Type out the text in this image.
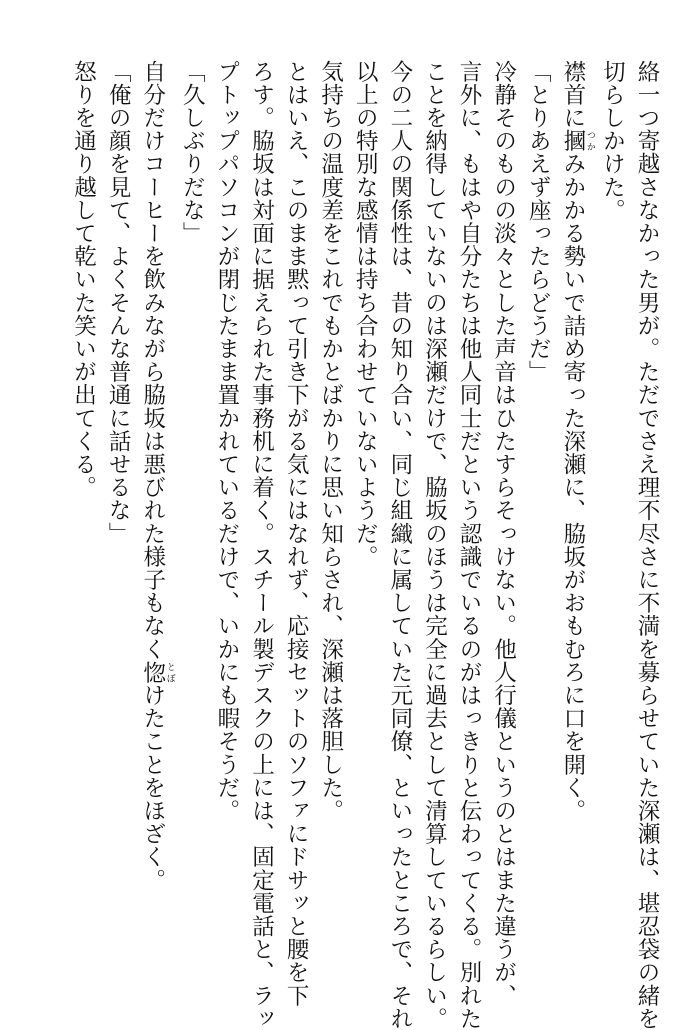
絡一つ寄越さなかった男が。ただでさえ理不尽さに不満を募らせていた深瀬は、堪忍袋の緒を
切らしかけた。
襟首に摑 つかみかかる勢いで詰め寄った深瀬に、脇坂がおもむろに口を開く。
「とりあえず座ったらどうだ」
冷静そのものの淡々とした声音はひたすらそっけない。他人行儀というのとはまた違うが、
言外に、もはや自分たちは他人同士だという認識でいるのがはっきりと伝わってくる。別れた
ことを納得していないのは深瀬だけで、脇坂のほうは完全に過去として清算しているらしい。
今の二人の関係性は、昔の知り合い、同じ組織に属していた元同僚、といったところで、それ
以上の特別な感情は持ち合わせていないようだ。
気持ちの温度差をこれでもかとばかりに思い知らされ、深瀬は落胆した。
とはいえ、このまま黙って引き下がる気にはなれず、応接セットのソファにドサッと腰を下
ろす。脇坂は対面に据えられた事務机に着く。スチール製デスクの上には、固定電話と、ラッ
プトップパソコンが閉じたまま置かれているだけで、いかにも暇そうだ。
「久しぶりだな」
自分だけコーヒーを飲みながら脇坂は悪びれた様子もなく惚 とぼけたことをほざく。
「俺の顔を見て、よくそんな普通に話せるな」
怒りを通り越して乾いた笑いが出てくる。
